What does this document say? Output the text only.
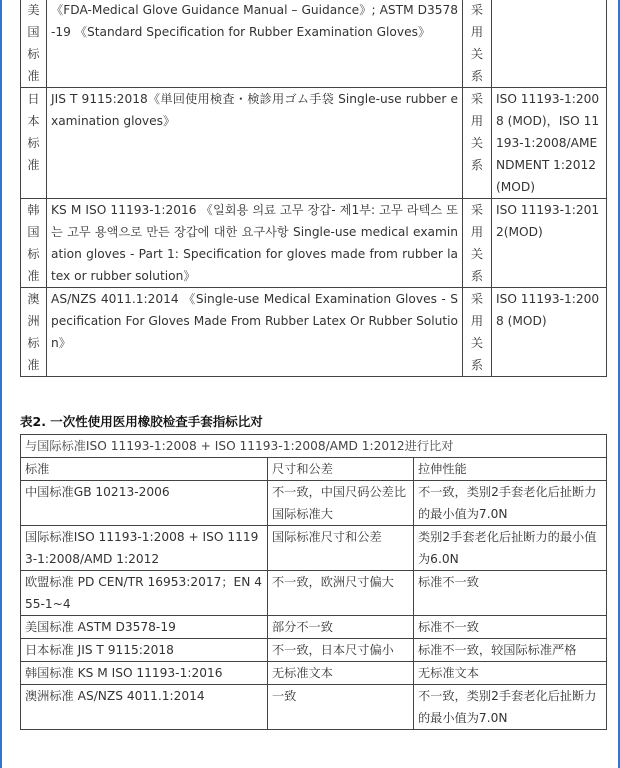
美国标准	《FDA-Medical Glove Guidance Manual – Guidance》; ASTM D3578-19 《Standard Specification for Rubber Examination Gloves》	采用关系	

日本标准	JIS T 9115:2018《単回使用検査・検診用ゴム手袋 Single-use rubber examination gloves》	采用关系	ISO 11193-1:2008 (MOD)，ISO 11193-1:2008/AMENDMENT 1:2012 (MOD)

韩国标准	KS M ISO 11193-1:2016 《일회용 의료 고무 장갑- 제1부: 고무 라텍스 또는 고무 용액으로 만든 장갑에 대한 요구사항 Single-use medical examination gloves - Part 1: Specification for gloves made from rubber latex or rubber solution》	采用关系	ISO 11193-1:2012(MOD)

澳洲标准	AS/NZS 4011.1:2014 《Single-use Medical Examination Gloves - Specification For Gloves Made From Rubber Latex Or Rubber Solution》	采用关系	ISO 11193-1:2008 (MOD)
表2. 一次性使用医用橡胶检查手套指标比对
与国际标准ISO 11193-1:2008 + ISO 11193-1:2008/AMD 1:2012进行比对		
标准	尺寸和公差	拉伸性能
中国标准GB 10213-2006	不一致，中国尺码公差比国际标准大	不一致，类别2手套老化后扯断力的最小值为7.0N
国际标准ISO 11193-1:2008 + ISO 11193-1:2008/AMD 1:2012	国际标准尺寸和公差	类别2手套老化后扯断力的最小值为6.0N
欧盟标准 PD CEN/TR 16953:2017；EN 455-1~4	不一致，欧洲尺寸偏大	标准不一致
美国标准 ASTM D3578-19	部分不一致	标准不一致
日本标准 JIS T 9115:2018	不一致，日本尺寸偏小	标准不一致，较国际标准严格
韩国标准 KS M ISO 11193-1:2016	无标准文本	无标准文本
澳洲标准 AS/NZS 4011.1:2014	一致	不一致，类别2手套老化后扯断力的最小值为7.0N
